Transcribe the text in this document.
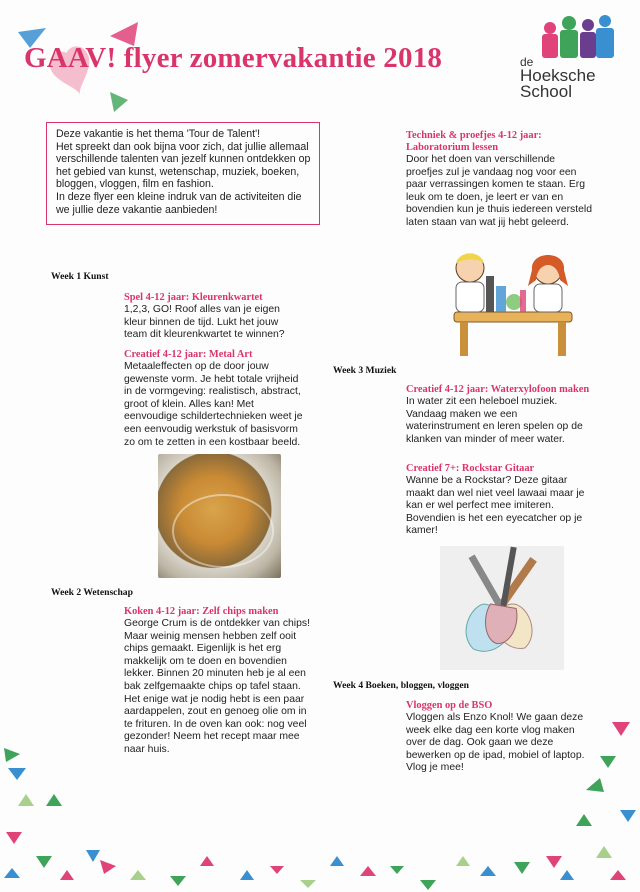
GAAV! flyer zomervakantie 2018	de
Hoeksche
School

Deze vakantie is het thema 'Tour de Talent'!

Het spreekt dan ook bijna voor zich, dat jullie allemaal

verschillende talenten van jezelf kunnen ontdekken op het gebied van kunst, wetenschap, muziek, boeken, bloggen, vloggen, film en fashion.

In deze flyer een kleine indruk van de activiteiten die we jullie deze vakantie aanbieden!

Techniek & proefjes 4-12 jaar: Laboratorium lessen

Door het doen van verschillende proefjes zul je vandaag nog voor een paar verrassingen komen te staan. Erg leuk om te doen, je leert er van en bovendien kun je thuis iedereen versteld laten staan van wat jij hebt geleerd.

Week 1 Kunst
Spel 4-12 jaar: Kleurenkwartet

1,2,3, GO! Roof alles van je eigen kleur binnen de tijd. Lukt het jouw team dit kleurenkwartet te winnen?

Creatief 4-12 jaar: Metal Art

Metaaleffecten op de door jouw gewenste vorm. Je hebt totale vrijheid in de vormgeving: realistisch, abstract, groot of klein. Alles kan! Met eenvoudige schildertechnieken weet je een eenvoudig werkstuk of basisvorm zo om te zetten in een kostbaar beeld.

Week 2 Wetenschap
Koken 4-12 jaar: Zelf chips maken

George Crum is de ontdekker van chips! Maar weinig mensen hebben zelf ooit chips gemaakt. Eigenlijk is het erg makkelijk om te doen en bovendien lekker. Binnen 20 minuten heb je al een bak zelfgemaakte chips op tafel staan. Het enige wat je nodig hebt is een paar aardappelen, zout en genoeg olie om in te frituren. In de oven kan ook: nog veel gezonder! Neem het recept maar mee naar huis.

Week 3 Muziek
Creatief 4-12 jaar: Waterxylofoon maken

In water zit een heleboel muziek. Vandaag maken we een waterinstrument en leren spelen op de klanken van minder of meer water.

Creatief 7+: Rockstar Gitaar

Wanne be a Rockstar? Deze gitaar maakt dan wel niet veel lawaai maar je kan er wel perfect mee imiteren. Bovendien is het een eyecatcher op je kamer!

Week 4 Boeken, bloggen, vloggen
Vloggen op de BSO

Vloggen als Enzo Knol! We gaan deze week elke dag een korte vlog maken over de dag. Ook gaan we deze bewerken op de ipad, mobiel of laptop. Vlog je mee!
